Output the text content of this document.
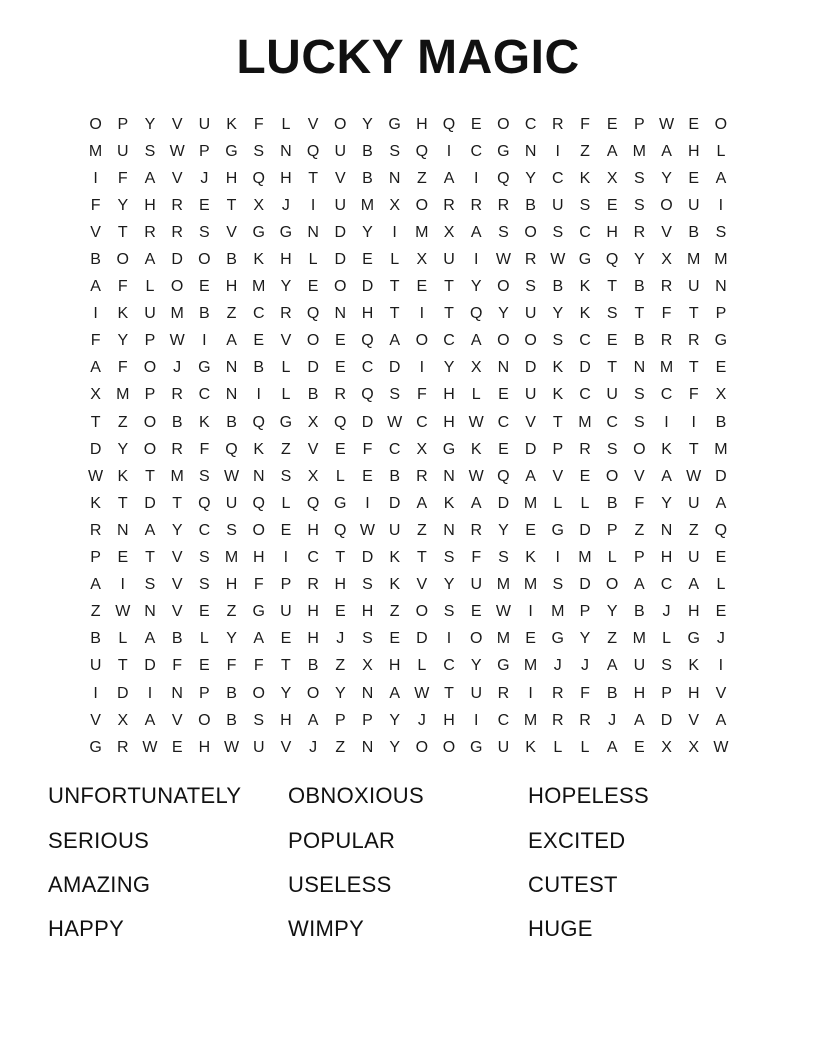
LUCKY MAGIC
O P	Y	V	U	K	F	L	V O Y G H Q E O C R	F	E	P W E O
M U	S W P G S	N Q U	B	S Q	I	C G N	I	Z	A M A	H	L
I	F	A	V	J	H Q H	T	V	B	N	Z	A	I	Q Y	C	K	X	S	Y	E	A
F	Y	H R	E	T	X	J	I	U M X O R R R	B	U	S	E	S O U	I
V	T	R R	S	V G G N D	Y	I	M X	A	S O S	C H R	V	B	S
B O A	D O B	K	H	L	D	E	L	X	U	I	W R W G Q Y	X M M
A	F	L	O E	H M Y	E O D	T	E	T	Y O S	B	K	T	B	R U N
I	K	U M B	Z	C R Q N H	T	I	T	Q Y	U	Y	K	S	T	F	T	P
F	Y	P W	I	A	E	V O E Q A O C	A O O S	C	E	B	R R G
A	F	O	J	G N	B	L	D	E	C D	I	Y	X	N D	K	D	T	N M T	E
X M P	R C N	I	L	B	R Q S	F	H	L	E	U	K	C U	S	C	F	X
T	Z	O B	K	B Q G X Q D W C H W C	V	T M C	S	I	I	B
D	Y O R	F	Q K	Z	V	E	F	C	X G K	E	D	P	R	S O K	T M
W K	T M S W N	S	X	L	E	B	R N W Q A	V	E O V	A W D
K	T	D	T	Q U Q	L	Q G	I	D	A	K	A	D M	L	L	B	F	Y	U	A
R N	A	Y	C	S O E	H Q W U	Z	N R	Y	E G D	P	Z	N	Z	Q
P	E	T	V	S M H	I	C	T	D	K	T	S	F	S	K	I	M	L	P	H U	E
A	I	S	V	S	H	F	P	R H	S	K	V	Y	U M M S	D O A	C	A	L
Z W N	V	E	Z	G U H	E	H	Z	O S	E W	I	M P	Y	B	J	H	E
B	L	A	B	L	Y	A	E	H	J	S	E	D	I	O M E G Y	Z M	L	G	J
U	T	D	F	E	F	F	T	B	Z	X	H	L	C	Y G M	J	J	A	U	S	K	I
I	D	I	N	P	B O Y O Y	N	A W T	U R	I	R	F	B	H	P	H	V
V	X	A	V O B	S	H	A	P	P	Y	J	H	I	C M R R	J	A	D	V	A
G R W E	H W U	V	J	Z	N	Y O O G U	K	L	L	A	E	X	X W
UNFORTUNATELY
SERIOUS
AMAZING
HAPPY
OBNOXIOUS
POPULAR
USELESS
WIMPY
HOPELESS
EXCITED
CUTEST
HUGE
